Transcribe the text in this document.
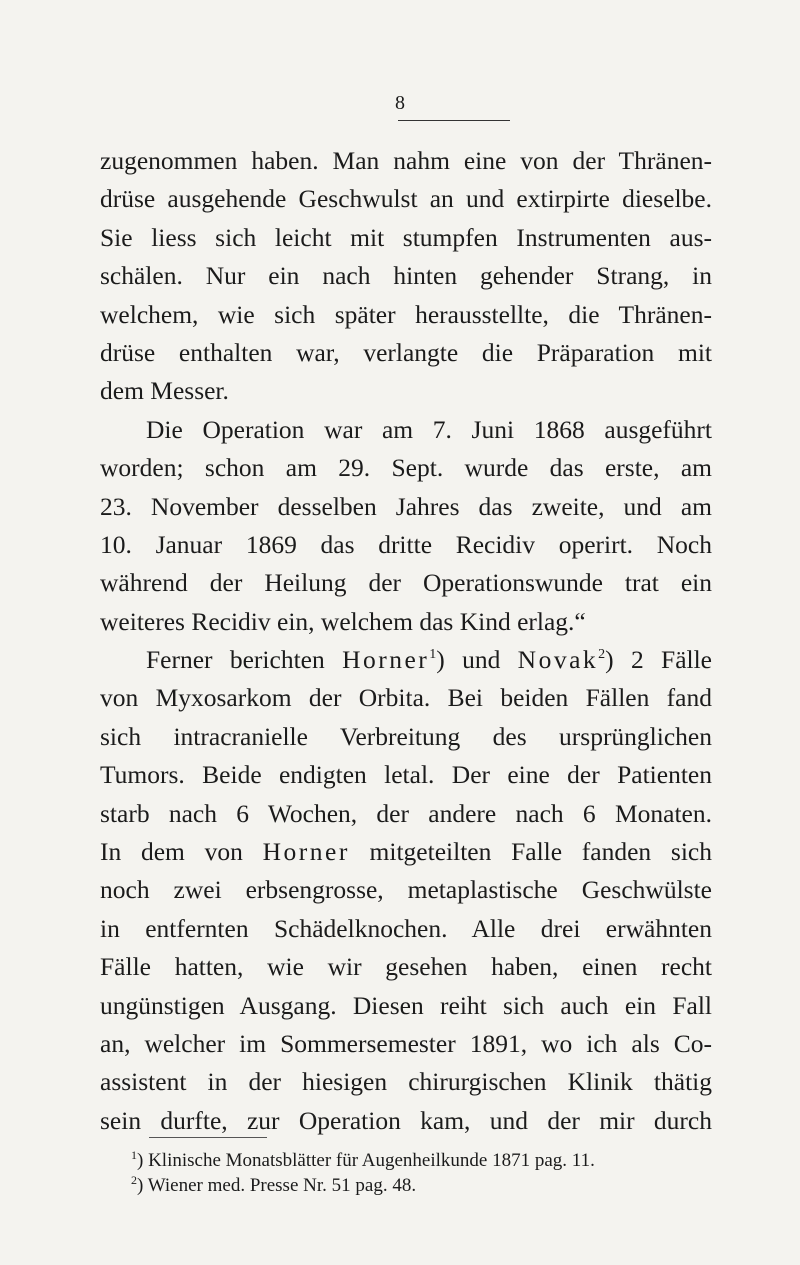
8
zugenommen haben. Man nahm eine von der Thränen-
drüse ausgehende Geschwulst an und extirpirte dieselbe.
Sie liess sich leicht mit stumpfen Instrumenten aus-
schälen. Nur ein nach hinten gehender Strang, in
welchem, wie sich später herausstellte, die Thränen-
drüse enthalten war, verlangte die Präparation mit
dem Messer.
Die Operation war am 7. Juni 1868 ausgeführt
worden; schon am 29. Sept. wurde das erste, am
23. November desselben Jahres das zweite, und am
10. Januar 1869 das dritte Recidiv operirt. Noch
während der Heilung der Operationswunde trat ein
weiteres Recidiv ein, welchem das Kind erlag.“
Ferner berichten Horner$^1$) und Novak$^2$) 2 Fälle
von Myxosarkom der Orbita. Bei beiden Fällen fand
sich intracranielle Verbreitung des ursprünglichen
Tumors. Beide endigten letal. Der eine der Patienten
starb nach 6 Wochen, der andere nach 6 Monaten.
In dem von Horner mitgeteilten Falle fanden sich
noch zwei erbsengrosse, metaplastische Geschwülste
in entfernten Schädelknochen. Alle drei erwähnten
Fälle hatten, wie wir gesehen haben, einen recht
ungünstigen Ausgang. Diesen reiht sich auch ein Fall
an, welcher im Sommersemester 1891, wo ich als Co-
assistent in der hiesigen chirurgischen Klinik thätig
sein durfte, zur Operation kam, und der mir durch
$^1$) Klinische Monatsblätter für Augenheilkunde 1871 pag. 11.
$^2$) Wiener med. Presse Nr. 51 pag. 48.
